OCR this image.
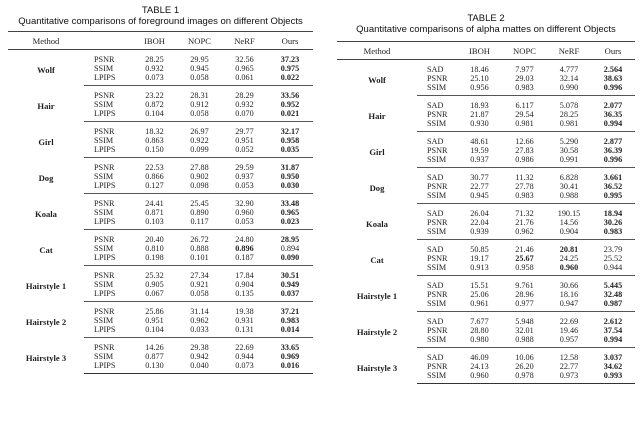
TABLE 1
Quantitative comparisons of foreground images on different Objects
Method		IBOH	NOPC	NeRF	Ours
Wolf	PSNR	28.25	29.95	32.56	37.23
	SSIM	0.932	0.945	0.965	0.975
	LPIPS	0.073	0.058	0.061	0.022
Hair	PSNR	23.22	28.31	28.29	33.56
	SSIM	0.872	0.912	0.932	0.952
	LPIPS	0.104	0.058	0.070	0.021
Girl	PSNR	18.32	26.97	29.77	32.17
	SSIM	0.863	0.922	0.951	0.958
	LPIPS	0.150	0.099	0.052	0.035
Dog	PSNR	22.53	27.88	29.59	31.87
	SSIM	0.866	0.902	0.937	0.950
	LPIPS	0.127	0.098	0.053	0.030
Koala	PSNR	24.41	25.45	32.90	33.48
	SSIM	0.871	0.890	0.960	0.965
	LPIPS	0.103	0.117	0.053	0.023
Cat	PSNR	20.40	26.72	24.80	28.95
	SSIM	0.810	0.888	0.896	0.894
	LPIPS	0.198	0.101	0.187	0.090
Hairstyle 1	PSNR	25.32	27.34	17.84	30.51
	SSIM	0.905	0.921	0.904	0.949
	LPIPS	0.067	0.058	0.135	0.037
Hairstyle 2	PSNR	25.86	31.14	19.38	37.21
	SSIM	0.951	0.962	0.931	0.983
	LPIPS	0.104	0.033	0.131	0.014
Hairstyle 3	PSNR	14.26	29.38	22.69	33.65
	SSIM	0.877	0.942	0.944	0.969
	LPIPS	0.130	0.040	0.073	0.016
TABLE 2
Quantitative comparisons of alpha mattes on different Objects
Method		IBOH	NOPC	NeRF	Ours
Wolf	SAD	18.46	7.977	4.777	2.564
	PSNR	25.10	29.03	32.14	38.63
	SSIM	0.956	0.983	0.990	0.996
Hair	SAD	18.93	6.117	5.078	2.077
	PSNR	21.87	29.54	28.25	36.35
	SSIM	0.930	0.981	0.981	0.994
Girl	SAD	48.61	12.66	5.290	2.877
	PSNR	19.59	27.83	30.58	36.39
	SSIM	0.937	0.986	0.991	0.996
Dog	SAD	30.77	11.32	6.828	3.661
	PSNR	22.77	27.78	30.41	36.52
	SSIM	0.945	0.983	0.988	0.995
Koala	SAD	26.04	71.32	190.15	18.94
	PSNR	22.04	21.76	14.56	30.26
	SSIM	0.939	0.962	0.904	0.983
Cat	SAD	50.85	21.46	20.81	23.79
	PSNR	19.17	25.67	24.25	25.52
	SSIM	0.913	0.958	0.960	0.944
Hairstyle 1	SAD	15.51	9.761	30.66	5.445
	PSNR	25.06	28.96	18.16	32.48
	SSIM	0.961	0.977	0.947	0.987
Hairstyle 2	SAD	7.677	5.948	22.69	2.612
	PSNR	28.80	32.01	19.46	37.54
	SSIM	0.980	0.988	0.957	0.994
Hairstyle 3	SAD	46.09	10.06	12.58	3.037
	PSNR	24.13	26.20	22.77	34.62
	SSIM	0.960	0.978	0.973	0.993
